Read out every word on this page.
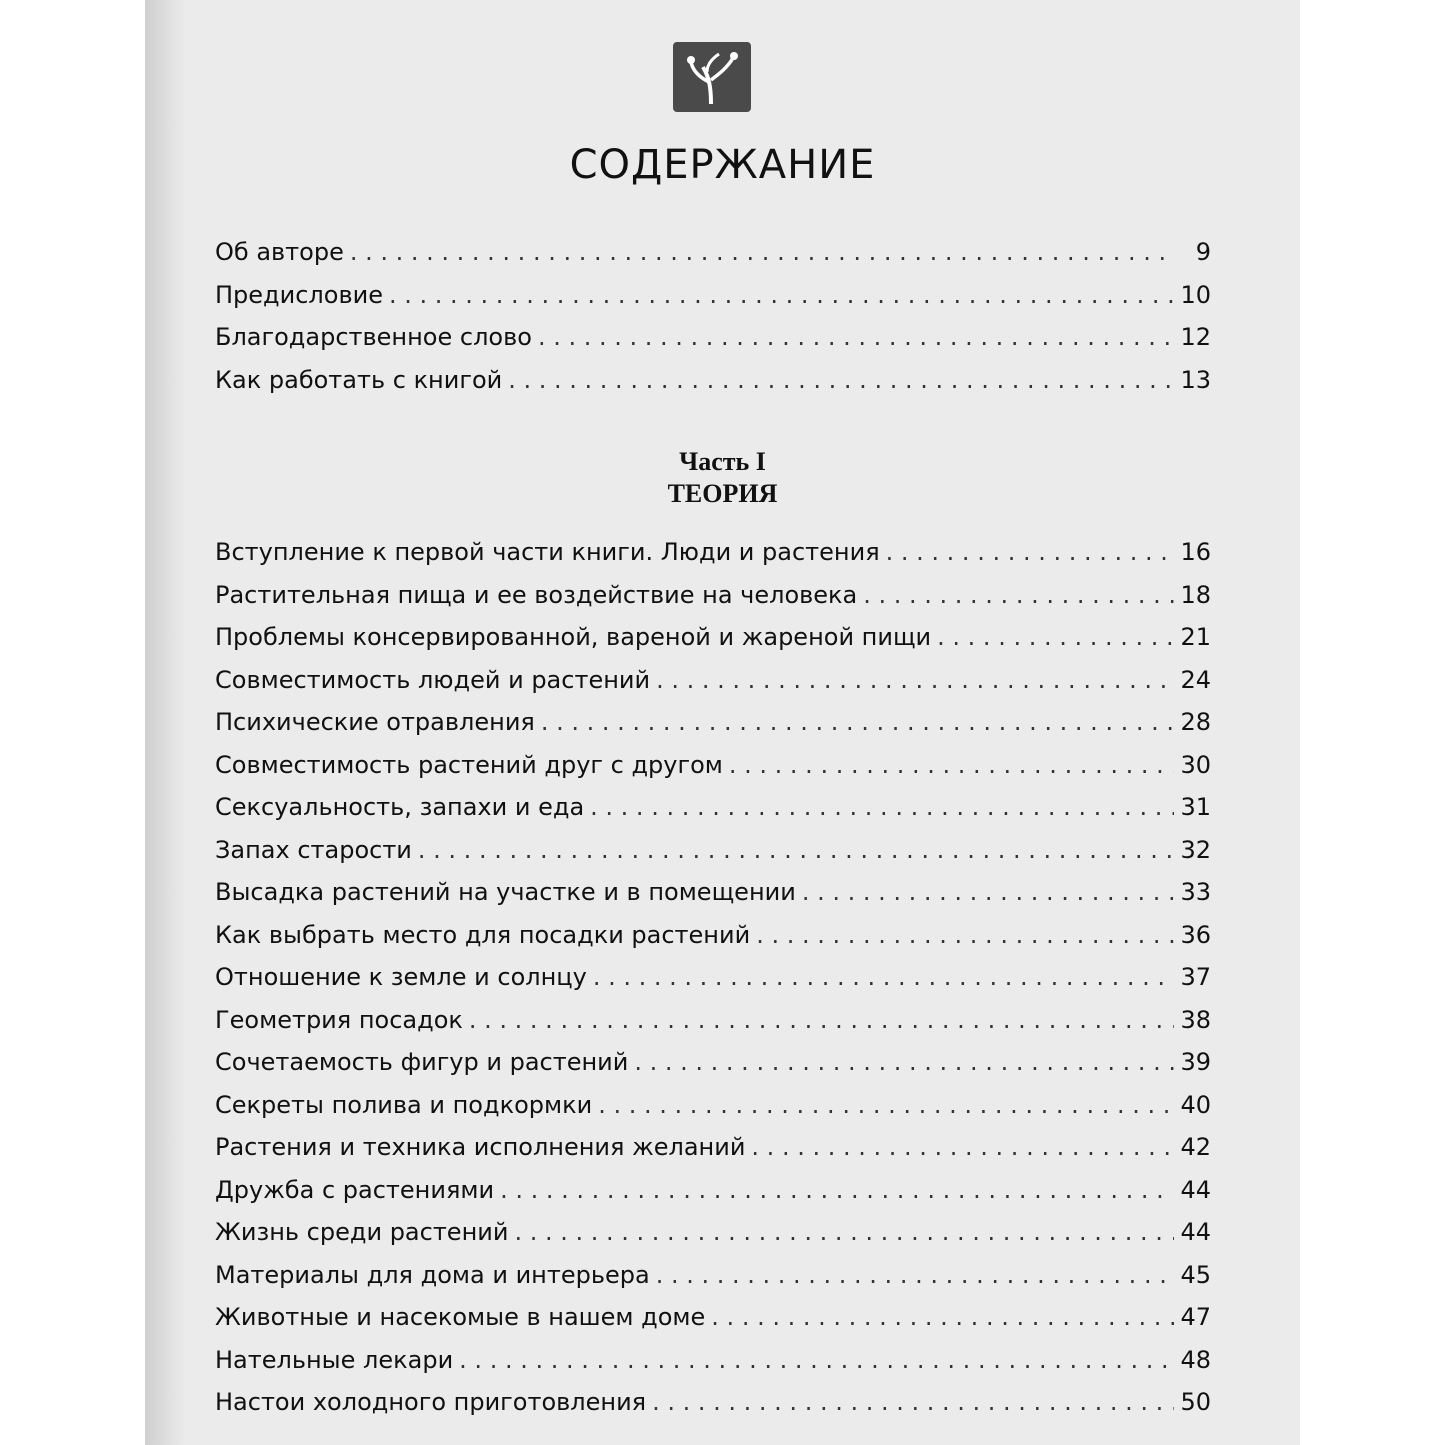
СОДЕРЖАНИЕ
Об авторе . . .	9
Предисловие . . .	10
Благодарственное слово . . .	12
Как работать с книгой . . .	13
Часть I
ТЕОРИЯ
Вступление к первой части книги. Люди и растения . . .	16
Растительная пища и ее воздействие на человека . . .	18
Проблемы консервированной, вареной и жареной пищи . . .	21
Совместимость людей и растений . . .	24
Психические отравления . . .	28
Совместимость растений друг с другом . . .	30
Сексуальность, запахи и еда . . .	31
Запах старости . . .	32
Высадка растений на участке и в помещении . . .	33
Как выбрать место для посадки растений . . .	36
Отношение к земле и солнцу . . .	37
Геометрия посадок . . .	38
Сочетаемость фигур и растений . . .	39
Секреты полива и подкормки . . .	40
Растения и техника исполнения желаний . . .	42
Дружба с растениями . . .	44
Жизнь среди растений . . .	44
Материалы для дома и интерьера . . .	45
Животные и насекомые в нашем доме . . .	47
Нательные лекари . . .	48
Настои холодного приготовления . . .	50
